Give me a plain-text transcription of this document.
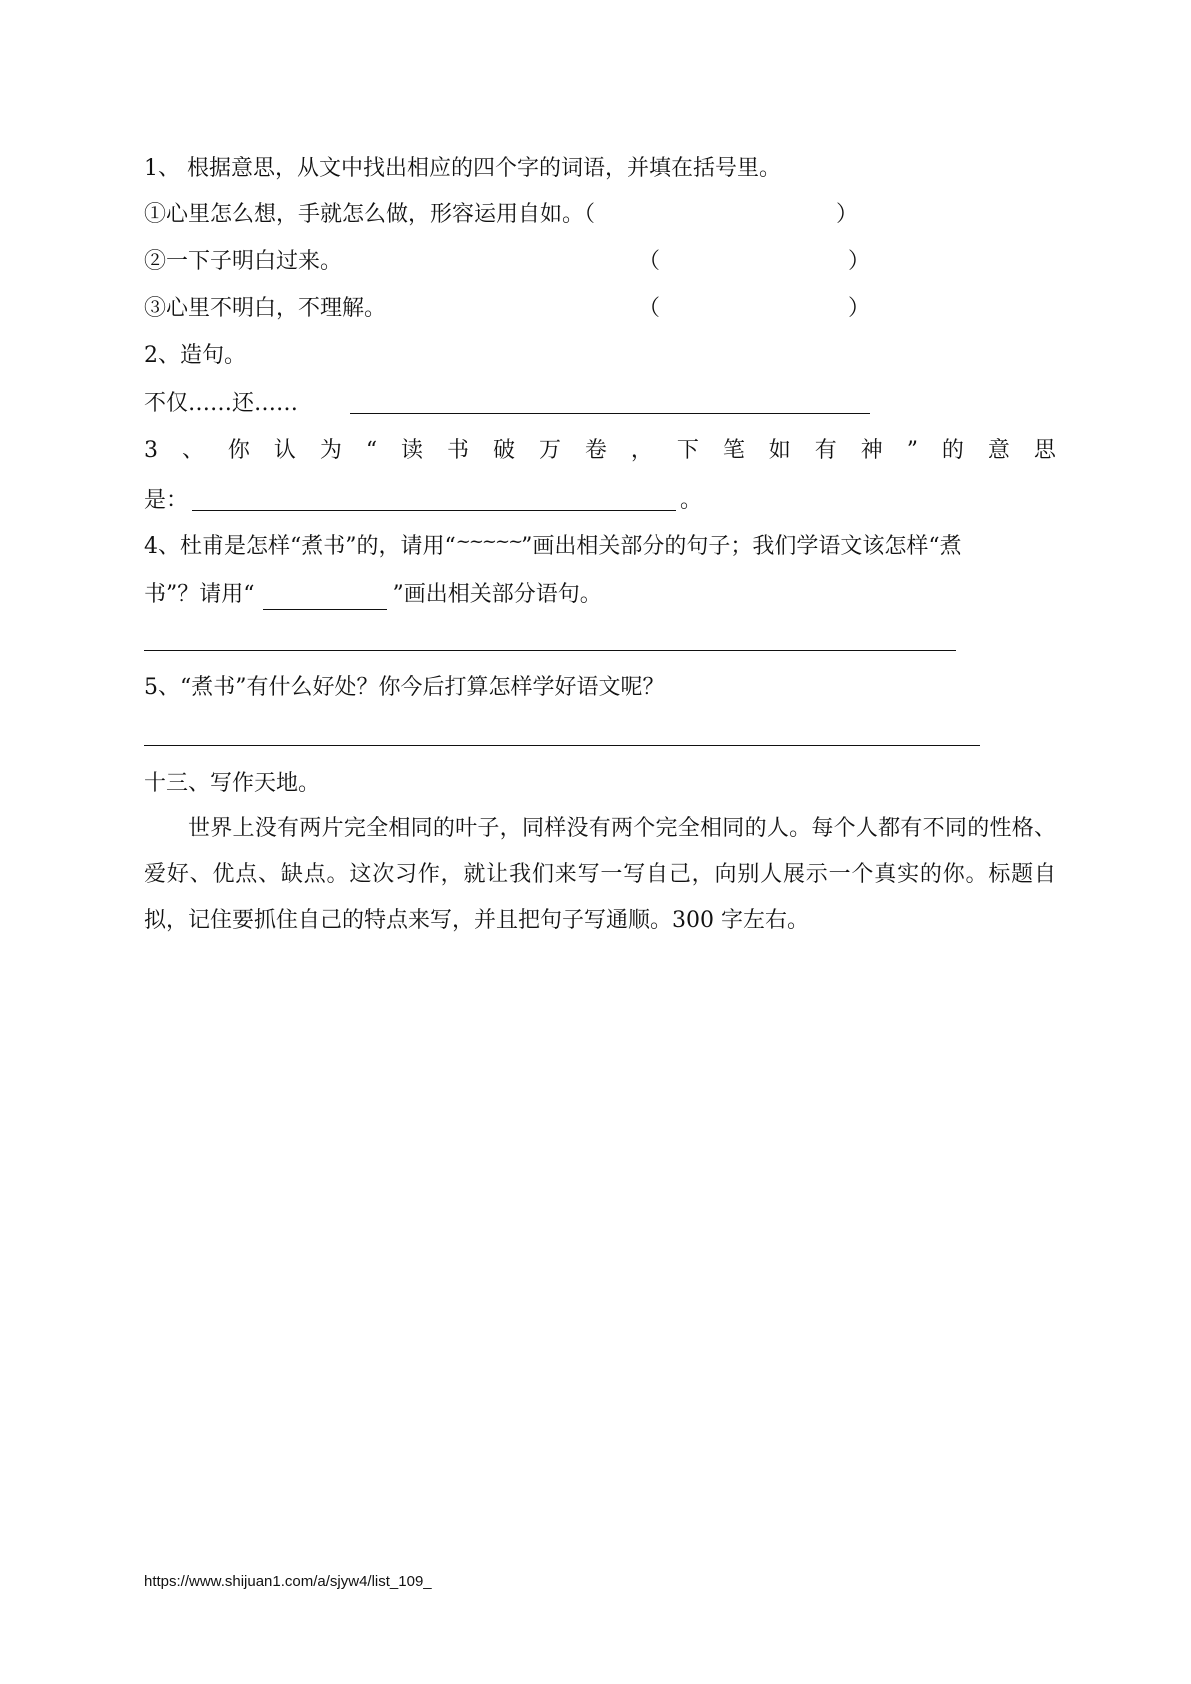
1、 根据意思，从文中找出相应的四个字的词语，并填在括号里。
①心里怎么想，手就怎么做，形容运用自如。（	）
②一下子明白过来。	（	）
③心里不明白，不理解。	（	）
2、造句。
不仅……还……
3 、 你 认 为 “ 读 书 破 万 卷 ， 下 笔 如 有 神 ” 的 意 思
是：	。
4、杜甫是怎样“煮书”的，请用“~~~~~”画出相关部分的句子；我们学语文该怎样“煮
书”？请用“	”画出相关部分语句。
5、“煮书”有什么好处？你今后打算怎样学好语文呢？
十三、写作天地。
世界上没有两片完全相同的叶子，同样没有两个完全相同的人。每个人都有不同的性格、爱好、优点、缺点。这次习作，就让我们来写一写自己，向别人展示一个真实的你。标题自拟，记住要抓住自己的特点来写，并且把句子写通顺。300 字左右。
https://www.shijuan1.com/a/sjyw4/list_109_
